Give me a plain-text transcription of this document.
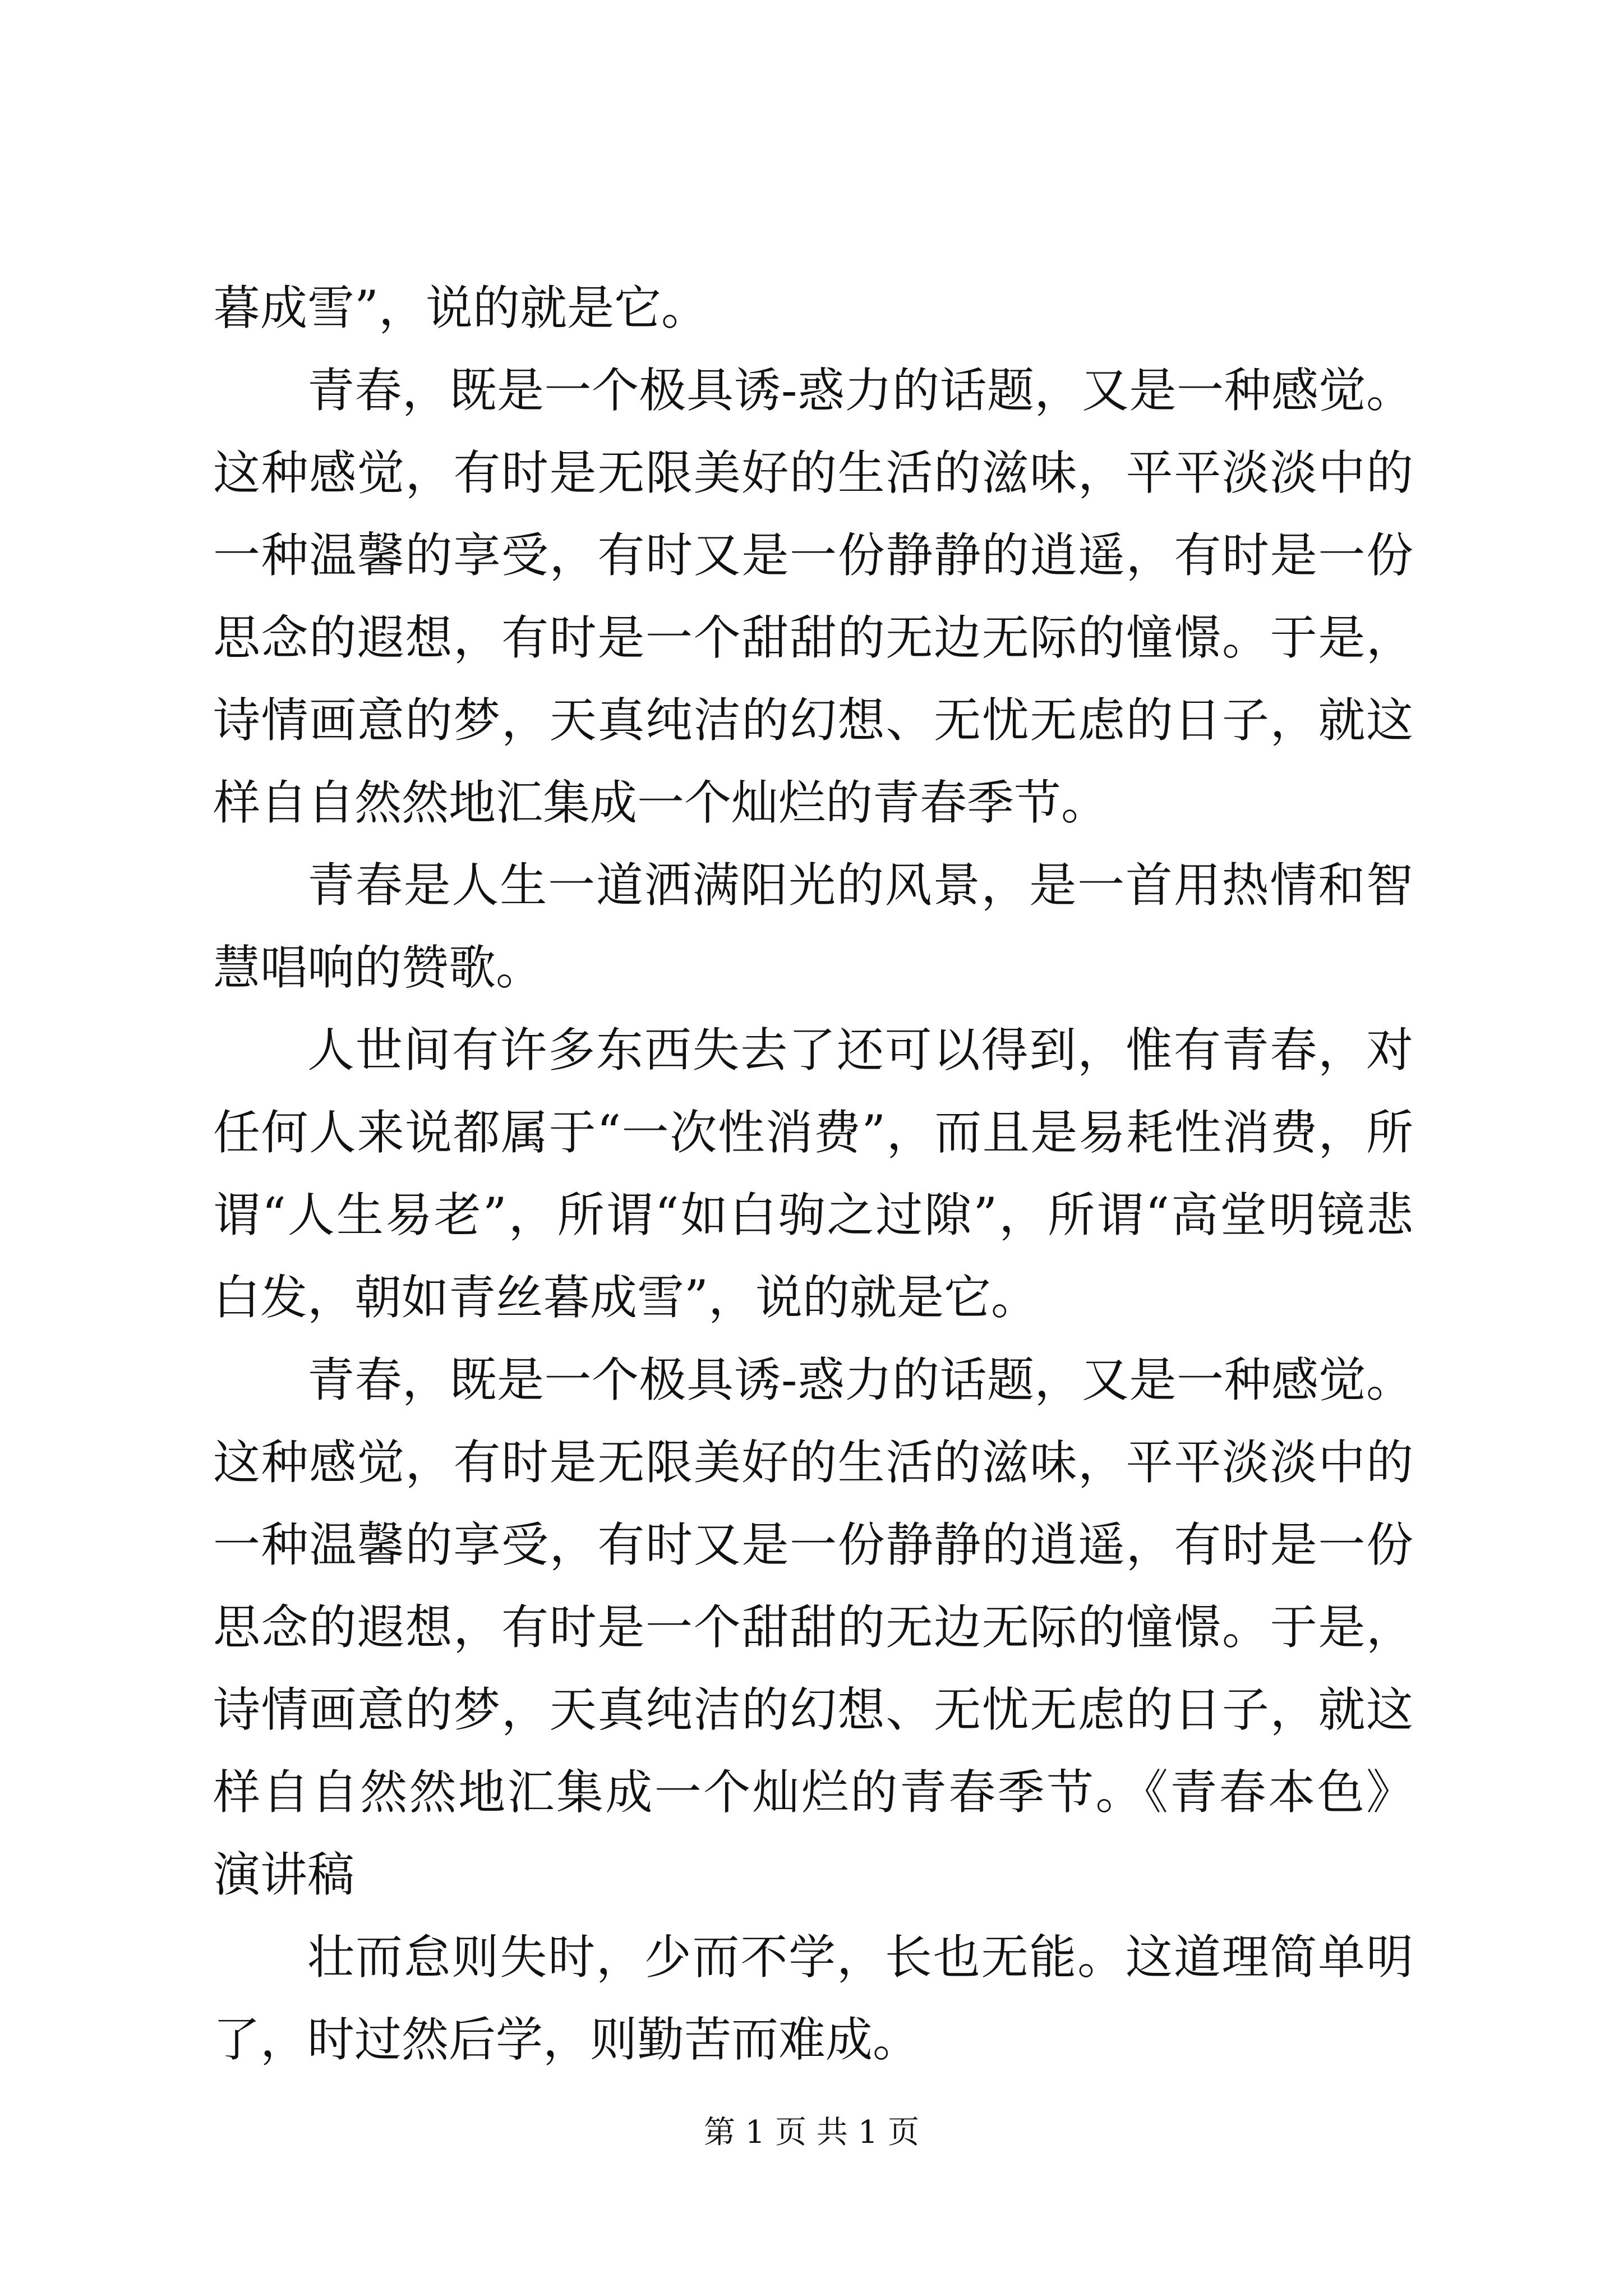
暮成雪”，说的就是它。

青春，既是一个极具诱-惑力的话题，又是一种感觉。这种感觉，有时是无限美好的生活的滋味，平平淡淡中的一种温馨的享受，有时又是一份静静的逍遥，有时是一份思念的遐想，有时是一个甜甜的无边无际的憧憬。于是，诗情画意的梦，天真纯洁的幻想、无忧无虑的日子，就这样自自然然地汇集成一个灿烂的青春季节。

青春是人生一道洒满阳光的风景，是一首用热情和智慧唱响的赞歌。

人世间有许多东西失去了还可以得到，惟有青春，对任何人来说都属于“一次性消费”，而且是易耗性消费，所谓“人生易老”，所谓“如白驹之过隙”，所谓“高堂明镜悲白发，朝如青丝暮成雪”，说的就是它。

青春，既是一个极具诱-惑力的话题，又是一种感觉。这种感觉，有时是无限美好的生活的滋味，平平淡淡中的一种温馨的享受，有时又是一份静静的逍遥，有时是一份思念的遐想，有时是一个甜甜的无边无际的憧憬。于是，诗情画意的梦，天真纯洁的幻想、无忧无虑的日子，就这样自自然然地汇集成一个灿烂的青春季节。《青春本色》演讲稿

壮而怠则失时，少而不学，长也无能。这道理简单明了，时过然后学，则勤苦而难成。

第 1 页 共 1 页
